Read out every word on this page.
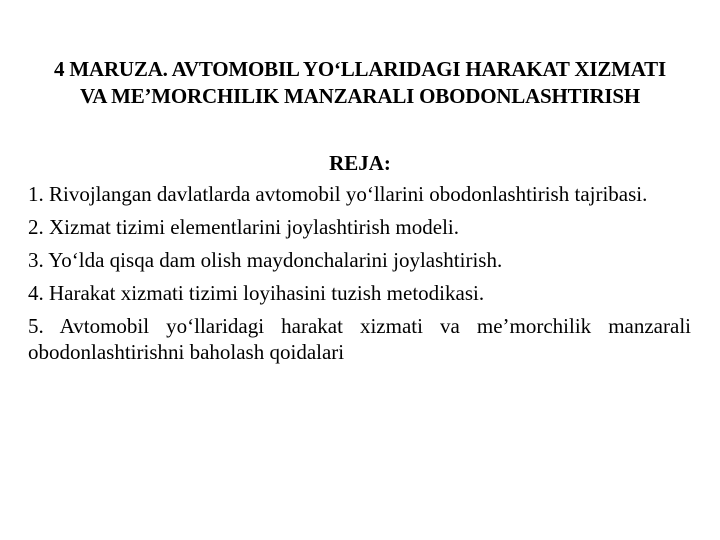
4 MARUZA. AVTOMOBIL YO‘LLARIDAGI HARAKAT XIZMATI VA ME’MORCHILIK MANZARALI OBODONLASHTIRISH
REJA:
1. Rivojlangan davlatlarda avtomobil yo‘llarini obodonlashtirish tajribasi.
2. Xizmat tizimi elementlarini joylashtirish modeli.
3. Yo‘lda qisqa dam olish maydonchalarini joylashtirish.
4. Harakat xizmati tizimi loyihasini tuzish metodikasi.
5. Avtomobil yo‘llaridagi harakat xizmati va me’morchilik manzarali obodonlashtirishni baholash qoidalari
